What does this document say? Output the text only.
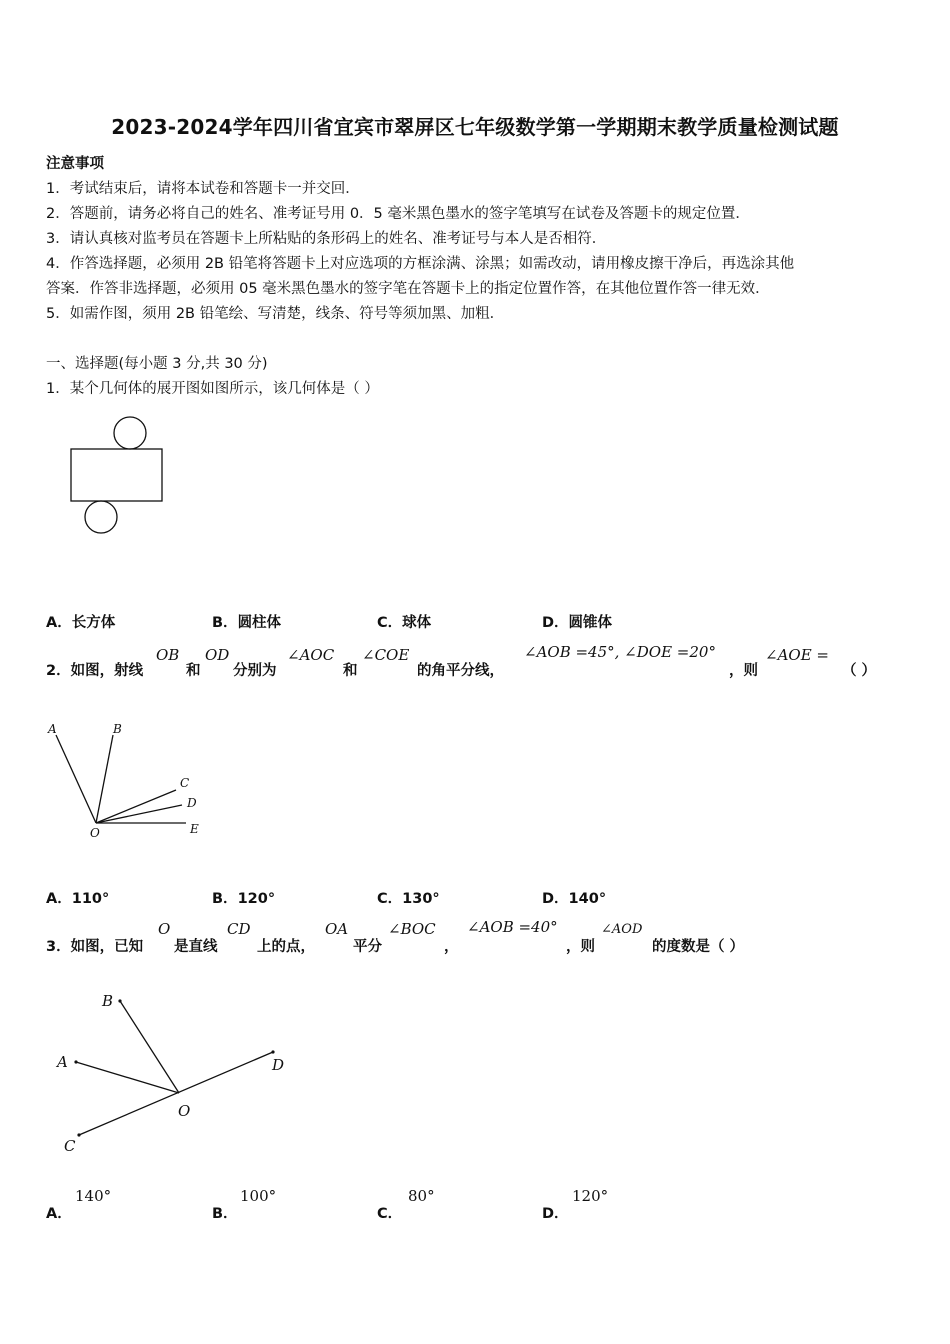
2023-2024学年四川省宜宾市翠屏区七年级数学第一学期期末教学质量检测试题
注意事项
1．考试结束后，请将本试卷和答题卡一并交回．
2．答题前，请务必将自己的姓名、准考证号用 0．5 毫米黑色墨水的签字笔填写在试卷及答题卡的规定位置．
3．请认真核对监考员在答题卡上所粘贴的条形码上的姓名、准考证号与本人是否相符．
4．作答选择题，必须用 2B 铅笔将答题卡上对应选项的方框涂满、涂黑；如需改动，请用橡皮擦干净后，再选涂其他
答案．作答非选择题，必须用 05 毫米黑色墨水的签字笔在答题卡上的指定位置作答，在其他位置作答一律无效．
5．如需作图，须用 2B 铅笔绘、写清楚，线条、符号等须加黑、加粗．
一、选择题(每小题 3 分,共 30 分)
1．某个几何体的展开图如图所示，该几何体是（ ）
A．长方体	B．圆柱体	C．球体	D．圆锥体
2．如图，射线
OB
和
OD
分别为
∠AOC
和
∠COE
的角平分线，
∠AOB =45°, ∠DOE =20°
，则
∠AOE =
（ ）
A	B
C
D
E
O
A．110°	B．120°	C．130°	D．140°
3．如图，已知
O
是直线
CD
上的点，
OA
平分
∠BOC
，
∠AOB =40°
，则
∠AOD
的度数是（ ）
B
A	D
O
C
A．
140°
B．
100°
C．
80°
D．
120°
